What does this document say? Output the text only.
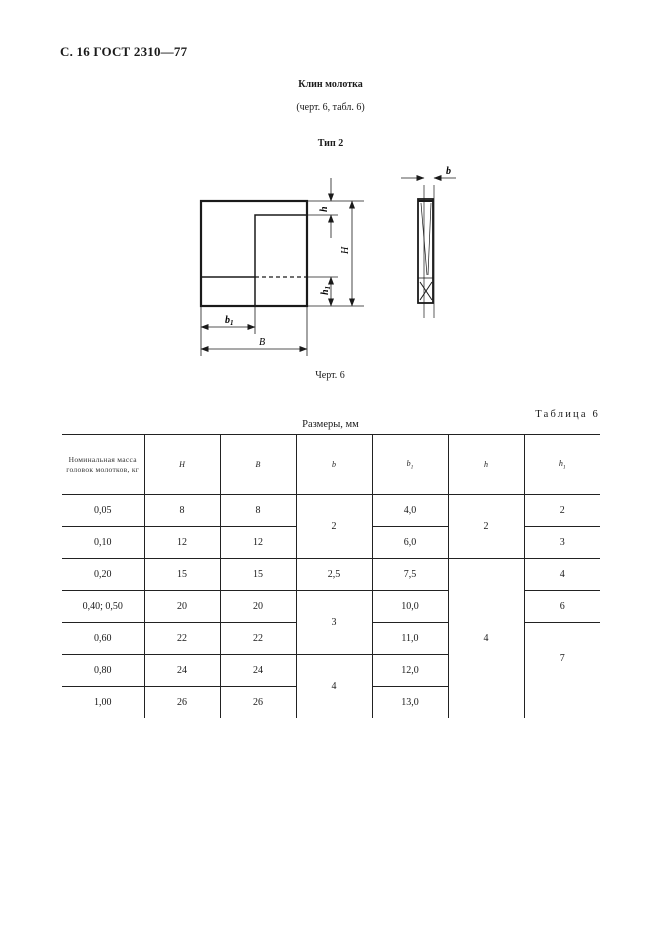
С. 16 ГОСТ 2310—77
Клин молотка
(черт. 6, табл. 6)
Тип 2
h
H
$h_1$
$b_1$
B
b
Черт. 6
Таблица 6
Размеры, мм
Номинальная масса головок молотков, кг	H	B	b	$b_1$	h	$h_1$
0,05	8	8	2	4,0	2	2
0,10	12	12		6,0		3
0,20	15	15	2,5	7,5	4	4
0,40; 0,50	20	20	3	10,0		6
0,60	22	22		11,0		7
0,80	24	24	4	12,0		
1,00	26	26		13,0		
